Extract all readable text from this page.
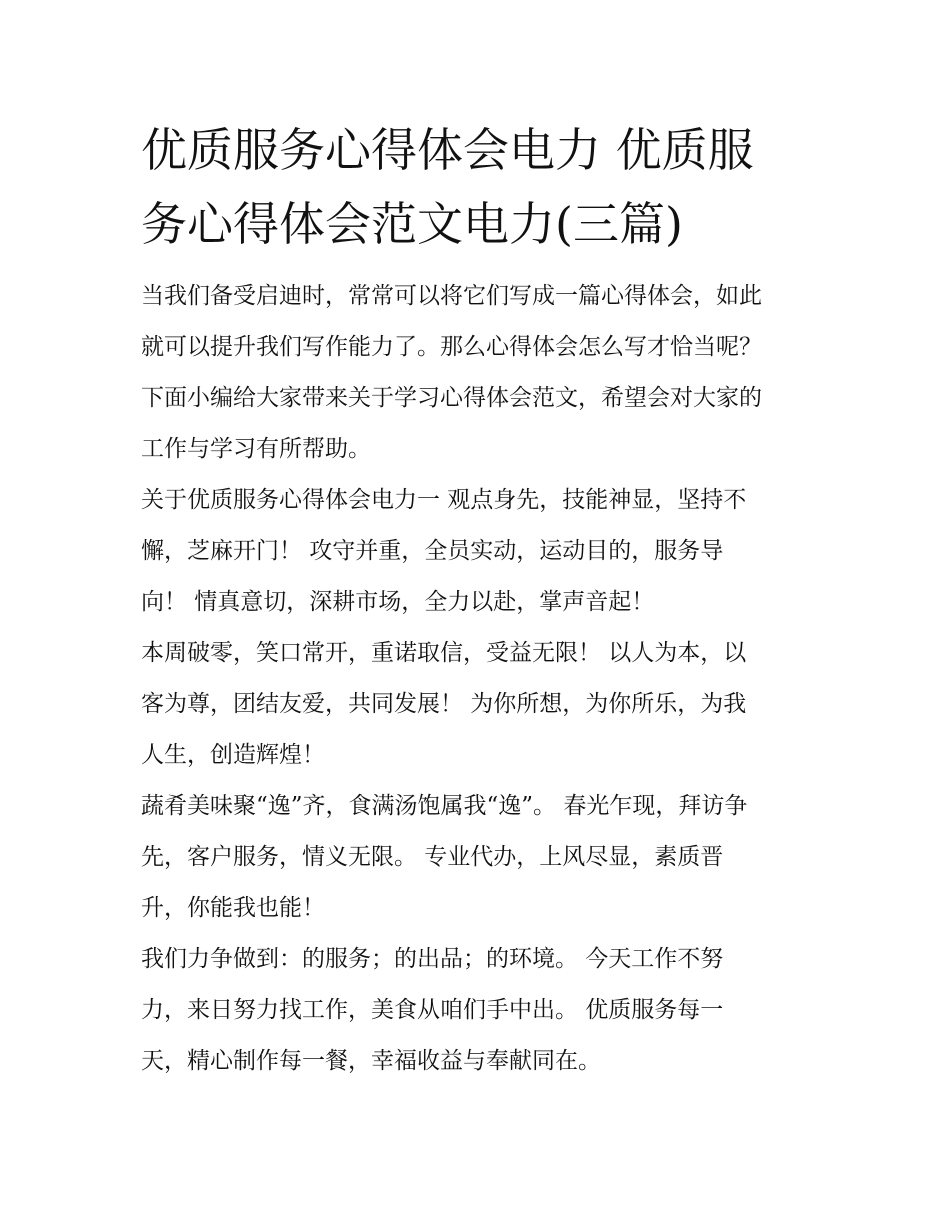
优质服务心得体会电力 优质服
务心得体会范文电力(三篇)

当我们备受启迪时，常常可以将它们写成一篇心得体会，如此
就可以提升我们写作能力了。那么心得体会怎么写才恰当呢？
下面小编给大家带来关于学习心得体会范文，希望会对大家的
工作与学习有所帮助。

关于优质服务心得体会电力一 观点身先，技能神显，坚持不
懈，芝麻开门！ 攻守并重，全员实动，运动目的，服务导
向！ 情真意切，深耕市场，全力以赴，掌声音起！

本周破零，笑口常开，重诺取信，受益无限！ 以人为本，以
客为尊，团结友爱，共同发展！ 为你所想，为你所乐，为我
人生，创造辉煌！

蔬肴美味聚“逸”齐，食满汤饱属我“逸”。 春光乍现，拜访争
先，客户服务，情义无限。 专业代办，上风尽显，素质晋
升，你能我也能！

我们力争做到：的服务；的出品；的环境。 今天工作不努
力，来日努力找工作，美食从咱们手中出。 优质服务每一
天，精心制作每一餐，幸福收益与奉献同在。
